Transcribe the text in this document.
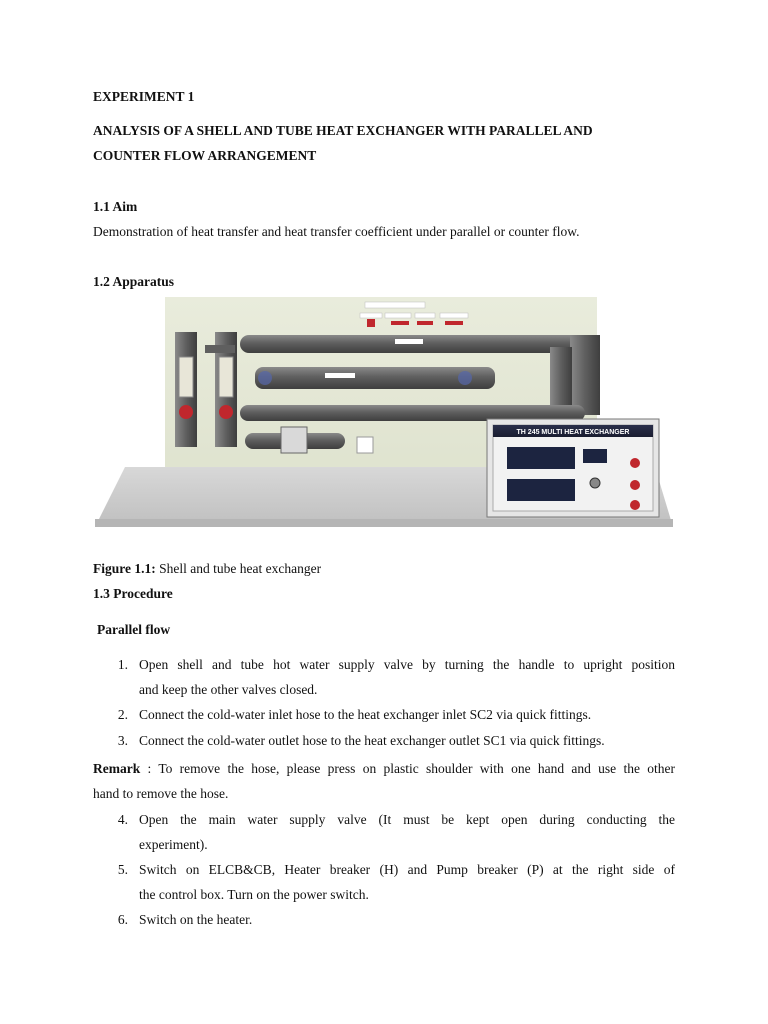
EXPERIMENT 1
ANALYSIS OF A SHELL AND TUBE HEAT EXCHANGER WITH PARALLEL AND
COUNTER FLOW ARRANGEMENT
1.1 Aim
Demonstration of heat transfer and heat transfer coefficient under parallel or counter flow.
1.2 Apparatus
TH 245 MULTI HEAT EXCHANGER
Figure 1.1: Shell and tube heat exchanger
1.3 Procedure
Parallel flow
1. Open shell and tube hot water supply valve by turning the handle to upright position
and keep the other valves closed.
2. Connect the cold-water inlet hose to the heat exchanger inlet SC2 via quick fittings.
3. Connect the cold-water outlet hose to the heat exchanger outlet SC1 via quick fittings.
Remark : To remove the hose, please press on plastic shoulder with one hand and use the other
hand to remove the hose.
4. Open the main water supply valve (It must be kept open during conducting the
experiment).
5. Switch on ELCB&CB, Heater breaker (H) and Pump breaker (P) at the right side of
the control box. Turn on the power switch.
6. Switch on the heater.
